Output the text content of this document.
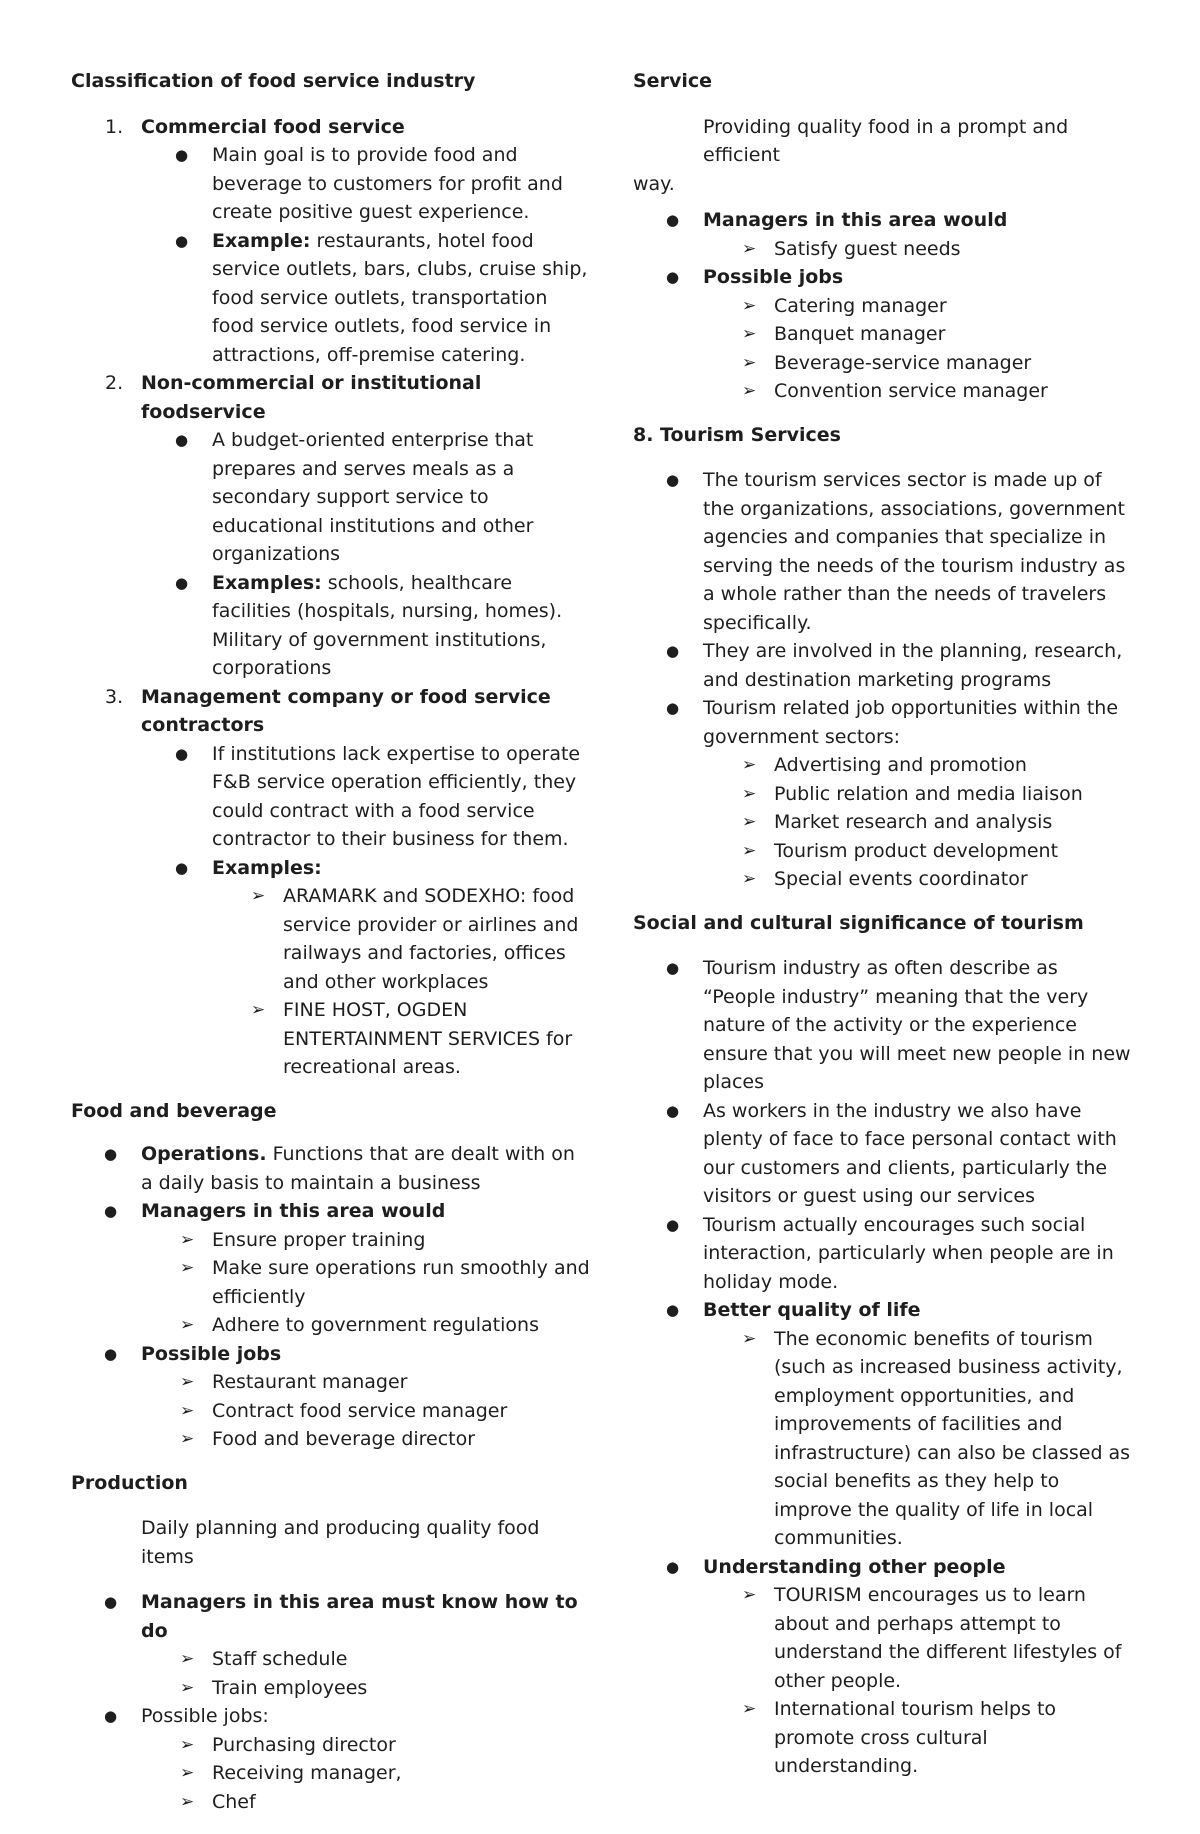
Classification of food service industry

1. Commercial food service
● Main goal is to provide food and beverage to customers for profit and create positive guest experience.
● Example: restaurants, hotel food service outlets, bars, clubs, cruise ship, food service outlets, transportation food service outlets, food service in attractions, off-premise catering.
2. Non-commercial or institutional foodservice
● A budget-oriented enterprise that prepares and serves meals as a secondary support service to educational institutions and other organizations
● Examples: schools, healthcare facilities (hospitals, nursing, homes). Military of government institutions, corporations
3. Management company or food service contractors
● If institutions lack expertise to operate F&B service operation efficiently, they could contract with a food service contractor to their business for them.
● Examples:
➢ ARAMARK and SODEXHO: food service provider or airlines and railways and factories, offices and other workplaces
➢ FINE HOST, OGDEN ENTERTAINMENT SERVICES for recreational areas.

Food and beverage

● Operations. Functions that are dealt with on a daily basis to maintain a business
● Managers in this area would
➢ Ensure proper training
➢ Make sure operations run smoothly and efficiently
➢ Adhere to government regulations
● Possible jobs
➢ Restaurant manager
➢ Contract food service manager
➢ Food and beverage director

Production

Daily planning and producing quality food items

● Managers in this area must know how to do
➢ Staff schedule
➢ Train employees
● Possible jobs:
➢ Purchasing director
➢ Receiving manager,
➢ Chef

Service

Providing quality food in a prompt and efficient

way.

● Managers in this area would
➢ Satisfy guest needs
● Possible jobs
➢ Catering manager
➢ Banquet manager
➢ Beverage-service manager
➢ Convention service manager

8. Tourism Services

● The tourism services sector is made up of the organizations, associations, government agencies and companies that specialize in serving the needs of the tourism industry as a whole rather than the needs of travelers specifically.
● They are involved in the planning, research, and destination marketing programs
● Tourism related job opportunities within the government sectors:
➢ Advertising and promotion
➢ Public relation and media liaison
➢ Market research and analysis
➢ Tourism product development
➢ Special events coordinator

Social and cultural significance of tourism

● Tourism industry as often describe as “People industry” meaning that the very nature of the activity or the experience ensure that you will meet new people in new places
● As workers in the industry we also have plenty of face to face personal contact with our customers and clients, particularly the visitors or guest using our services
● Tourism actually encourages such social interaction, particularly when people are in holiday mode.
● Better quality of life
➢ The economic benefits of tourism (such as increased business activity, employment opportunities, and improvements of facilities and infrastructure) can also be classed as social benefits as they help to improve the quality of life in local communities.
● Understanding other people
➢ TOURISM encourages us to learn about and perhaps attempt to understand the different lifestyles of other people.
➢ International tourism helps to promote cross cultural understanding.
